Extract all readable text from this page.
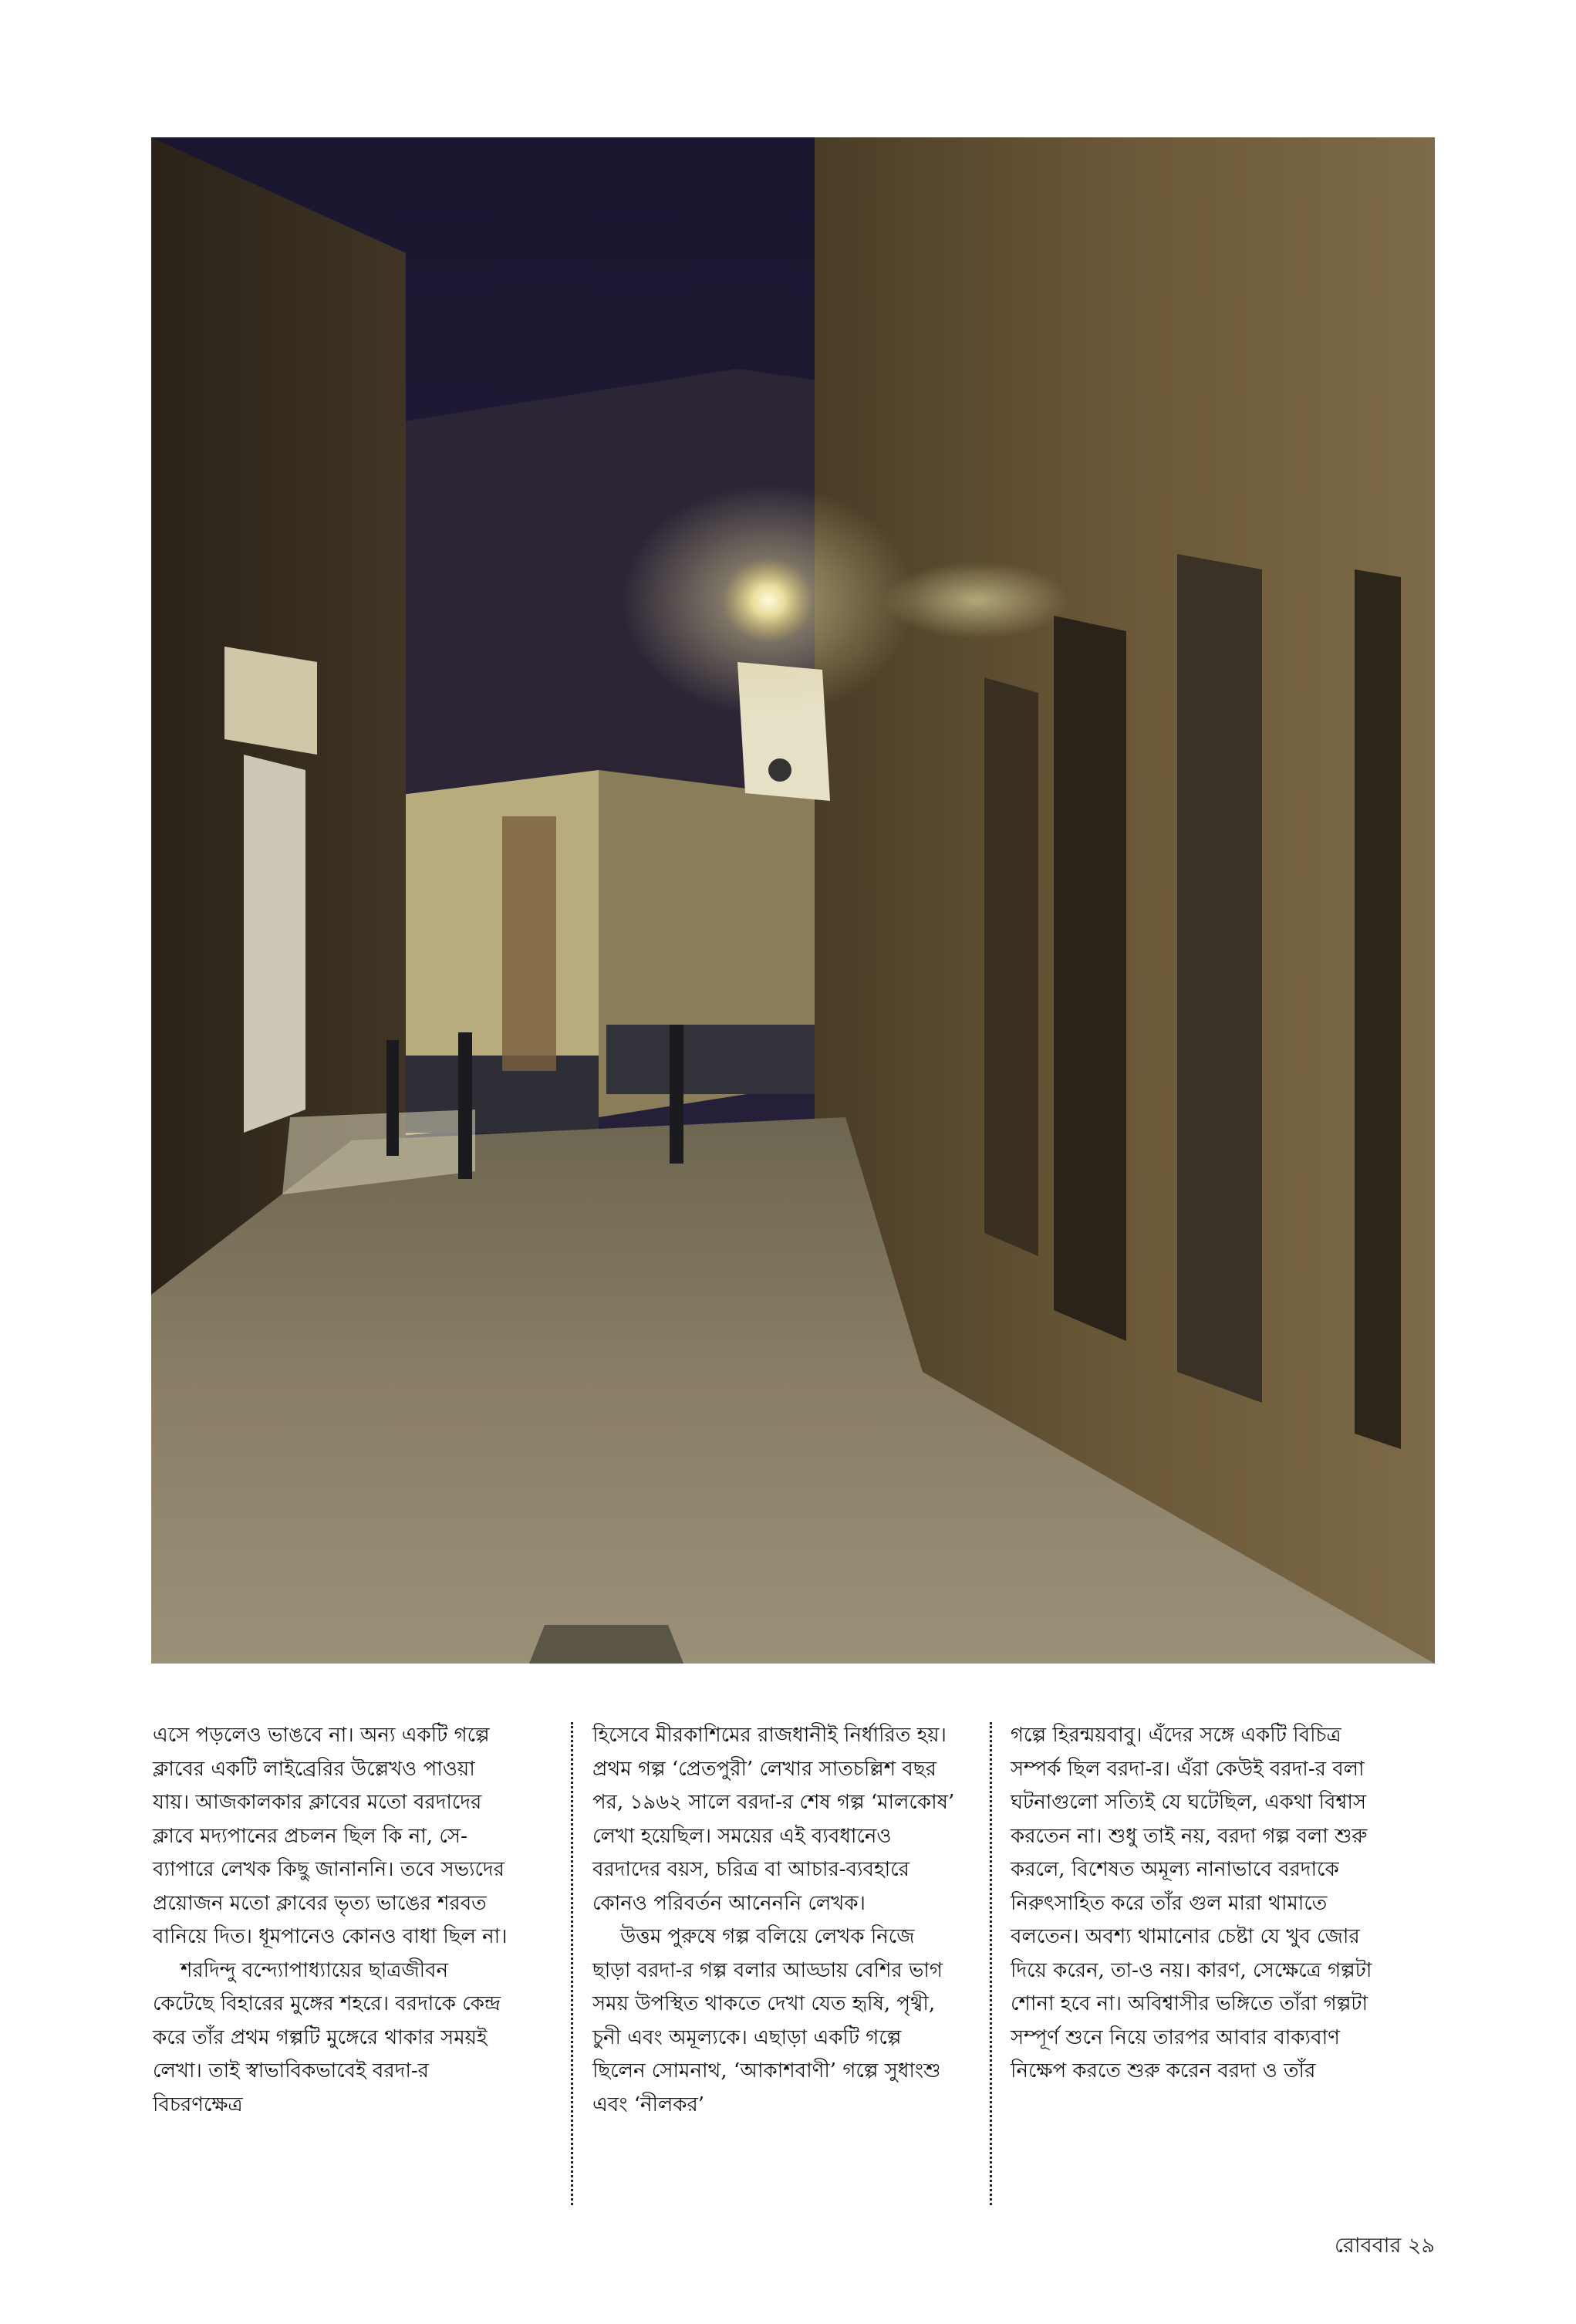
এসে পড়লেও ভাঙবে না। অন্য একটি গল্পে ক্লাবের একটি লাইব্রেরির উল্লেখও পাওয়া যায়। আজকালকার ক্লাবের মতো বরদাদের ক্লাবে মদ্যপানের প্রচলন ছিল কি না, সে-ব্যাপারে লেখক কিছু জানাননি। তবে সভ্যদের প্রয়োজন মতো ক্লাবের ভৃত্য ভাঙের শরবত বানিয়ে দিত। ধূমপানেও কোনও বাধা ছিল না।

শরদিন্দু বন্দ্যোপাধ্যায়ের ছাত্রজীবন কেটেছে বিহারের মুঙ্গের শহরে। বরদাকে কেন্দ্র করে তাঁর প্রথম গল্পটি মুঙ্গেরে থাকার সময়ই লেখা। তাই স্বাভাবিকভাবেই বরদা-র বিচরণক্ষেত্র

হিসেবে মীরকাশিমের রাজধানীই নির্ধারিত হয়। প্রথম গল্প ‘প্রেতপুরী’ লেখার সাতচল্লিশ বছর পর, ১৯৬২ সালে বরদা-র শেষ গল্প ‘মালকোষ’ লেখা হয়েছিল। সময়ের এই ব্যবধানেও বরদাদের বয়স, চরিত্র বা আচার-ব্যবহারে কোনও পরিবর্তন আনেননি লেখক।

উত্তম পুরুষে গল্প বলিয়ে লেখক নিজে ছাড়া বরদা-র গল্প বলার আড্ডায় বেশির ভাগ সময় উপস্থিত থাকতে দেখা যেত হৃষি, পৃথ্বী, চুনী এবং অমূল্যকে। এছাড়া একটি গল্পে ছিলেন সোমনাথ, ‘আকাশবাণী’ গল্পে সুধাংশু এবং ‘নীলকর’

গল্পে হিরন্ময়বাবু। এঁদের সঙ্গে একটি বিচিত্র সম্পর্ক ছিল বরদা-র। এঁরা কেউই বরদা-র বলা ঘটনাগুলো সত্যিই যে ঘটেছিল, একথা বিশ্বাস করতেন না। শুধু তাই নয়, বরদা গল্প বলা শুরু করলে, বিশেষত অমূল্য নানাভাবে বরদাকে নিরুৎসাহিত করে তাঁর গুল মারা থামাতে বলতেন। অবশ্য থামানোর চেষ্টা যে খুব জোর দিয়ে করেন, তা-ও নয়। কারণ, সেক্ষেত্রে গল্পটা শোনা হবে না। অবিশ্বাসীর ভঙ্গিতে তাঁরা গল্পটা সম্পূর্ণ শুনে নিয়ে তারপর আবার বাক্যবাণ নিক্ষেপ করতে শুরু করেন বরদা ও তাঁর

রোববার ২৯
